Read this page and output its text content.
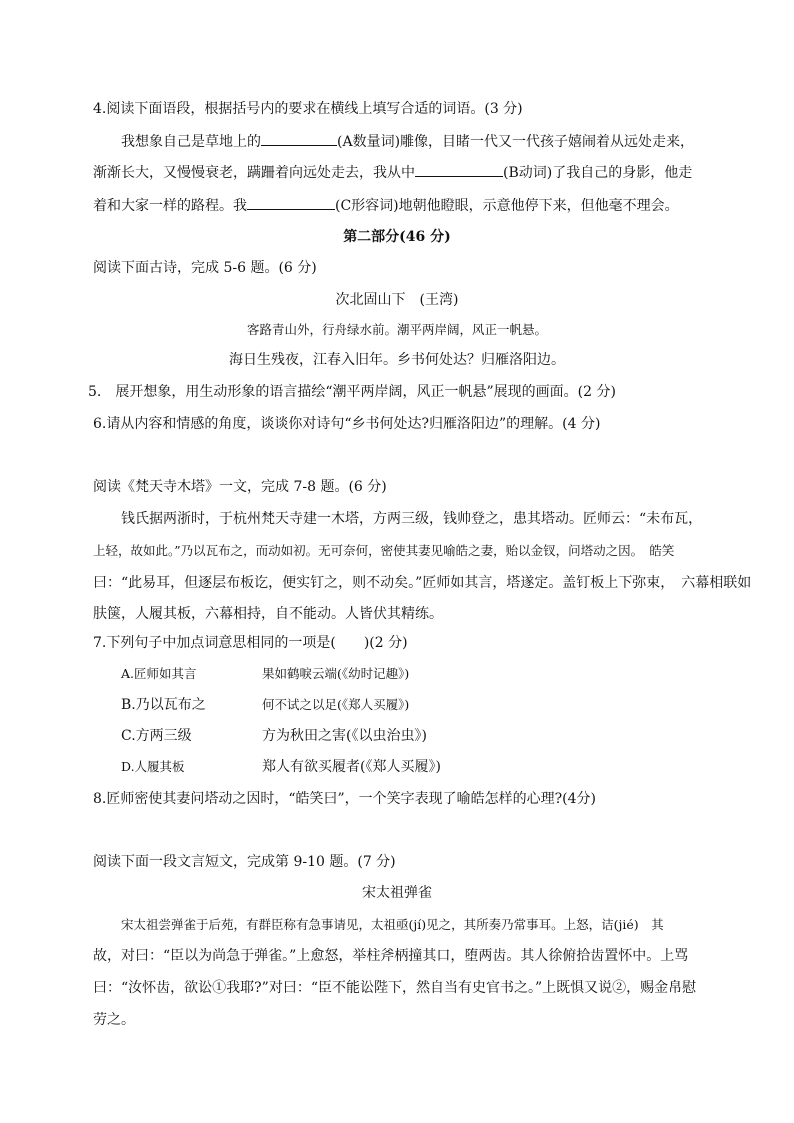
4.阅读下面语段，根据括号内的要求在横线上填写合适的词语。(3 分)
我想象自己是草地上的	(A数量词)雕像，目睹一代又一代孩子嬉闹着从远处走来，
渐渐长大，又慢慢衰老，蹒跚着向远处走去，我从中	(B动词)了我自己的身影，他走
着和大家一样的路程。我	(C形容词)地朝他瞪眼，示意他停下来，但他毫不理会。
第二部分(46 分)
阅读下面古诗，完成 5-6 题。(6 分)
次北固山下　(王湾)
客路青山外，行舟绿水前。潮平两岸阔，风正一帆悬。
海日生残夜，江春入旧年。乡书何处达？归雁洛阳边。
5.　展开想象，用生动形象的语言描绘“潮平两岸阔，风正一帆悬”展现的画面。(2 分)
6.请从内容和情感的角度，谈谈你对诗句“乡书何处达?归雁洛阳边”的理解。(4 分)
阅读《梵天寺木塔》一文，完成 7-8 题。(6 分)
钱氏据两浙时，于杭州梵天寺建一木塔，方两三级，钱帅登之，患其塔动。匠师云：“未布瓦，
上轻，故如此。”乃以瓦布之，而动如初。无可奈何，密使其妻见喻皓之妻，贻以金钗，问塔动之因。　皓笑
曰：“此易耳，但逐层布板讫，便实钉之，则不动矣。”匠师如其言，塔遂定。盖钉板上下弥束，　六幕相联如
肤箧，人履其板，六幕相持，自不能动。人皆伏其精练。
7.下列句子中加点词意思相同的一项是(　　)(2 分)
A.匠师如其言	果如鹤唳云端(《幼时记趣》)
B.乃以瓦布之	何不试之以足(《郑人买履》)
C.方两三级	方为秋田之害(《以虫治虫》)
D.人履其板	郑人有欲买履者(《郑人买履》)
8.匠师密使其妻问塔动之因时，“皓笑曰”，一个笑字表现了喻皓怎样的心理?(4分)
阅读下面一段文言短文，完成第 9-10 题。(7 分)
宋太祖弹雀
宋太祖尝弹雀于后苑，有群臣称有急事请见，太祖亟(jí)见之，其所奏乃常事耳。上怒，诘(jié)　其
故，对曰：“臣以为尚急于弹雀。”上愈怒，举柱斧柄撞其口，堕两齿。其人徐俯拾齿置怀中。上骂
曰：“汝怀齿，欲讼①我耶?”对曰：“臣不能讼陛下，然自当有史官书之。”上既惧又说②，赐金帛慰
劳之。
